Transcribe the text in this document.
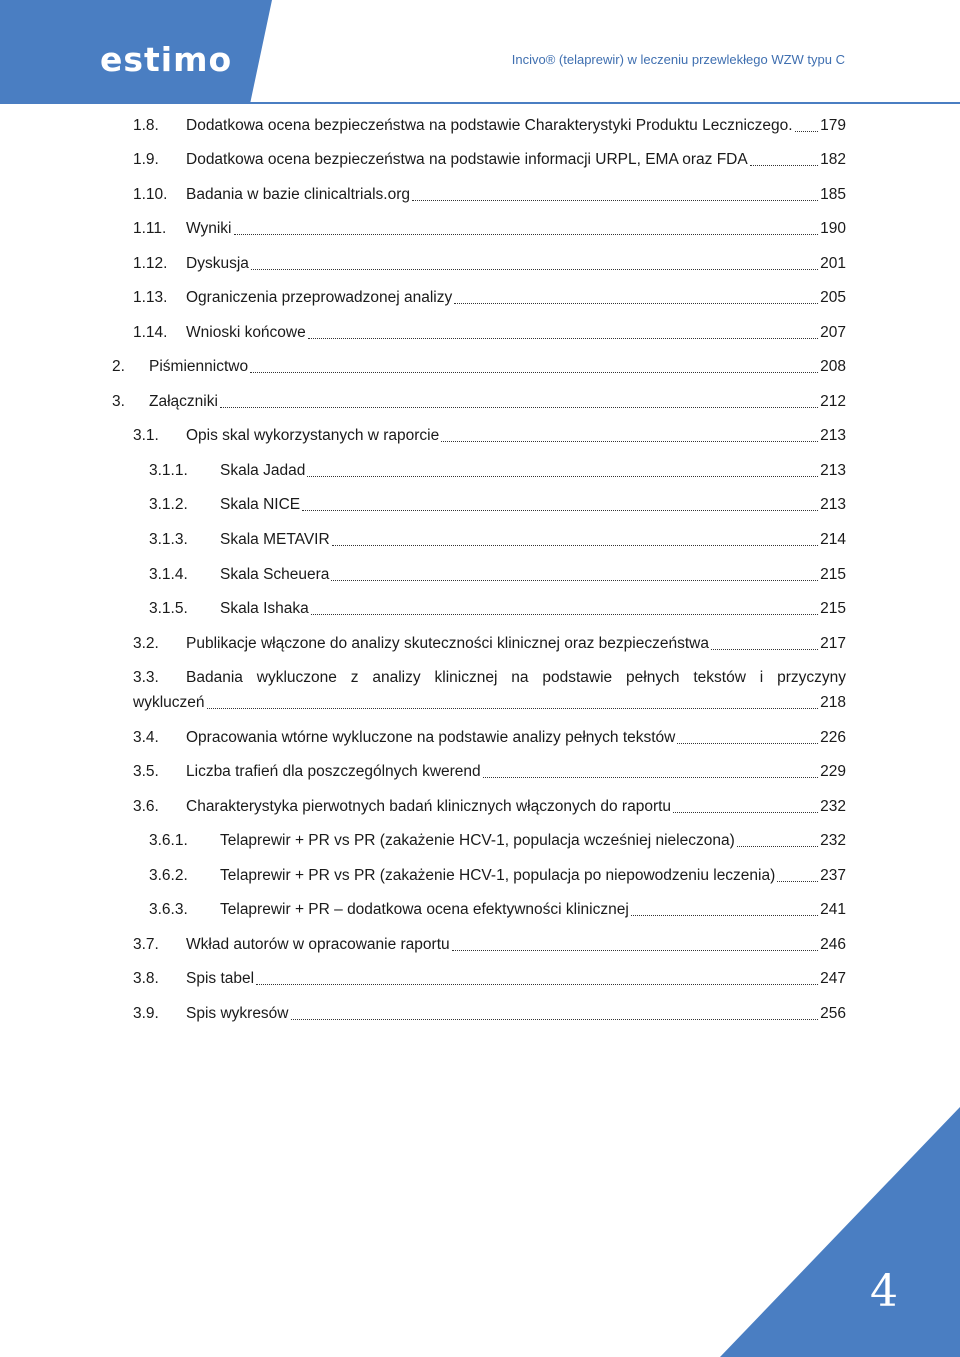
estimo	Incivo® (telaprewir) w leczeniu przewlekłego WZW typu C
1.8.	Dodatkowa ocena bezpieczeństwa na podstawie Charakterystyki Produktu Leczniczego. 179
1.9.	Dodatkowa ocena bezpieczeństwa na podstawie informacji URPL, EMA oraz FDA	182
1.10.	Badania w bazie clinicaltrials.org	185
1.11.	Wyniki	190
1.12.	Dyskusja	201
1.13.	Ograniczenia przeprowadzonej analizy	205
1.14.	Wnioski końcowe	207
2.	Piśmiennictwo	208
3.	Załączniki	212
3.1.	Opis skal wykorzystanych w raporcie	213
3.1.1.	Skala Jadad	213
3.1.2.	Skala NICE	213
3.1.3.	Skala METAVIR	214
3.1.4.	Skala Scheuera	215
3.1.5.	Skala Ishaka	215
3.2.	Publikacje włączone do analizy skuteczności klinicznej oraz bezpieczeństwa	217
3.3.	Badania wykluczone z analizy klinicznej na podstawie pełnych tekstów i przyczyny
wykluczeń	218
3.4.	Opracowania wtórne wykluczone na podstawie analizy pełnych tekstów	226
3.5.	Liczba trafień dla poszczególnych kwerend	229
3.6.	Charakterystyka pierwotnych badań klinicznych włączonych do raportu	232
3.6.1.	Telaprewir + PR vs PR (zakażenie HCV-1, populacja wcześniej nieleczona)	232
3.6.2.	Telaprewir + PR vs PR (zakażenie HCV-1, populacja po niepowodzeniu leczenia)	237
3.6.3.	Telaprewir + PR – dodatkowa ocena efektywności klinicznej	241
3.7.	Wkład autorów w opracowanie raportu	246
3.8.	Spis tabel	247
3.9.	Spis wykresów	256
4
